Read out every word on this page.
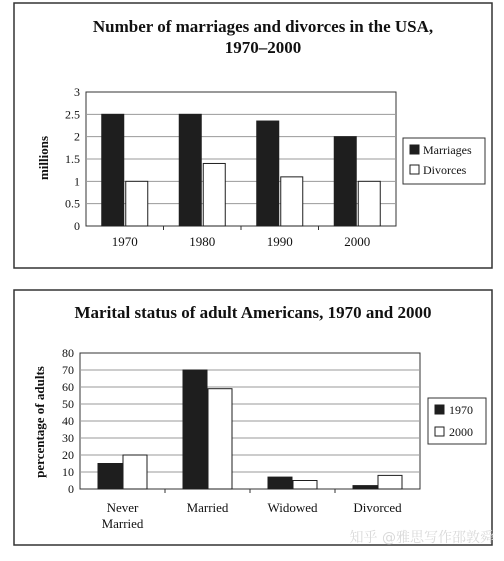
Number of marriages and divorces in the USA,
1970–2000
millions
0
0.5
1
1.5
2
2.5
3
1970	1980	1990	2000
Marriages
Divorces
Marital status of adult Americans, 1970 and 2000
percentage of adults
0
10
20
30
40
50
60
70
80
Never
Married
Married	Widowed	Divorced
1970
2000
知乎 @雅思写作邵敦舜
